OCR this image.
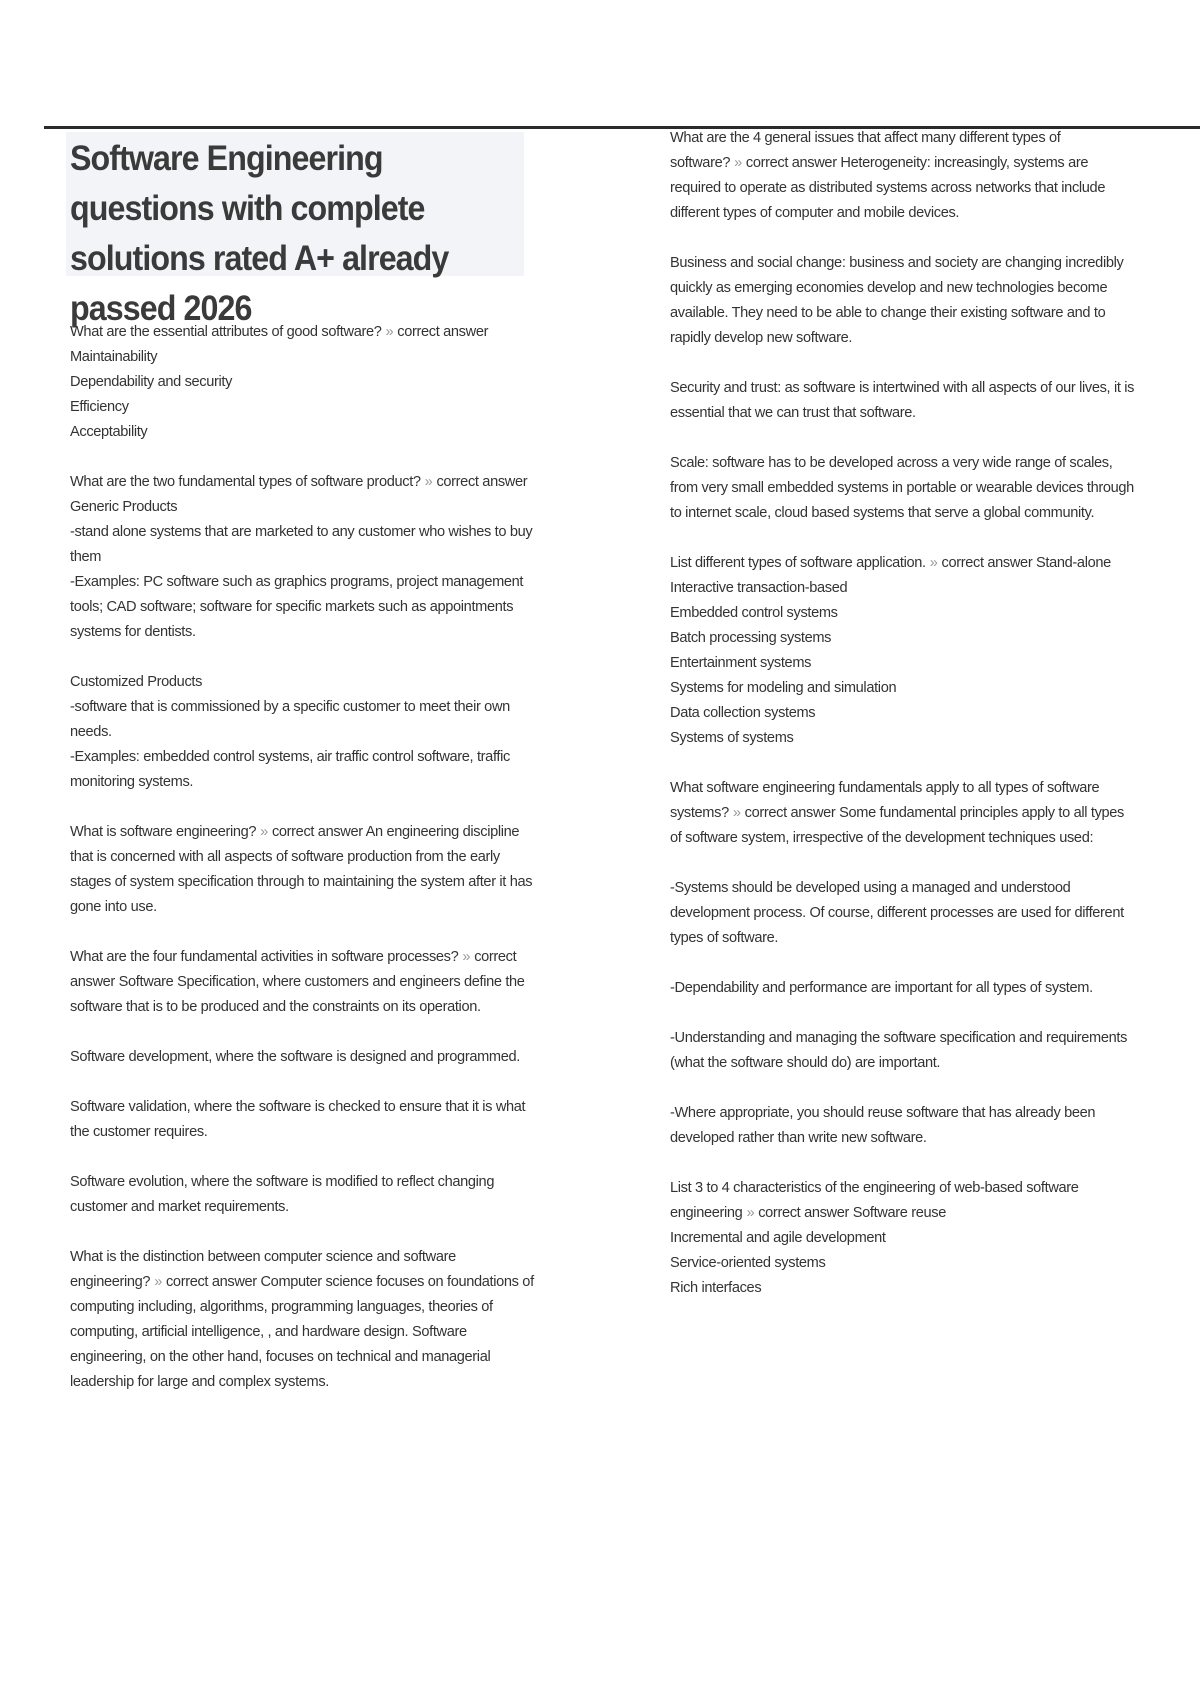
Software Engineering questions with complete solutions rated A+ already passed 2026
What are the essential attributes of good software? » correct answer Maintainability
Dependability and security
Efficiency
Acceptability
What are the two fundamental types of software product? » correct answer Generic Products
-stand alone systems that are marketed to any customer who wishes to buy them
-Examples: PC software such as graphics programs, project management tools; CAD software; software for specific markets such as appointments systems for dentists.
Customized Products
-software that is commissioned by a specific customer to meet their own needs.
-Examples: embedded control systems, air traffic control software, traffic monitoring systems.
What is software engineering? » correct answer An engineering discipline that is concerned with all aspects of software production from the early stages of system specification through to maintaining the system after it has gone into use.
What are the four fundamental activities in software processes? » correct answer Software Specification, where customers and engineers define the software that is to be produced and the constraints on its operation.
Software development, where the software is designed and programmed.
Software validation, where the software is checked to ensure that it is what the customer requires.
Software evolution, where the software is modified to reflect changing customer and market requirements.
What is the distinction between computer science and software engineering? » correct answer Computer science focuses on foundations of computing including, algorithms, programming languages, theories of computing, artificial intelligence, , and hardware design. Software engineering, on the other hand, focuses on technical and managerial leadership for large and complex systems.
What are the 4 general issues that affect many different types of software? » correct answer Heterogeneity: increasingly, systems are required to operate as distributed systems across networks that include different types of computer and mobile devices.
Business and social change: business and society are changing incredibly quickly as emerging economies develop and new technologies become available. They need to be able to change their existing software and to rapidly develop new software.
Security and trust: as software is intertwined with all aspects of our lives, it is essential that we can trust that software.
Scale: software has to be developed across a very wide range of scales, from very small embedded systems in portable or wearable devices through to internet scale, cloud based systems that serve a global community.
List different types of software application. » correct answer Stand-alone
Interactive transaction-based
Embedded control systems
Batch processing systems
Entertainment systems
Systems for modeling and simulation
Data collection systems
Systems of systems
What software engineering fundamentals apply to all types of software systems? » correct answer Some fundamental principles apply to all types of software system, irrespective of the development techniques used:
-Systems should be developed using a managed and understood development process. Of course, different processes are used for different types of software.
-Dependability and performance are important for all types of system.
-Understanding and managing the software specification and requirements (what the software should do) are important.
-Where appropriate, you should reuse software that has already been developed rather than write new software.
List 3 to 4 characteristics of the engineering of web-based software engineering » correct answer Software reuse
Incremental and agile development
Service-oriented systems
Rich interfaces
